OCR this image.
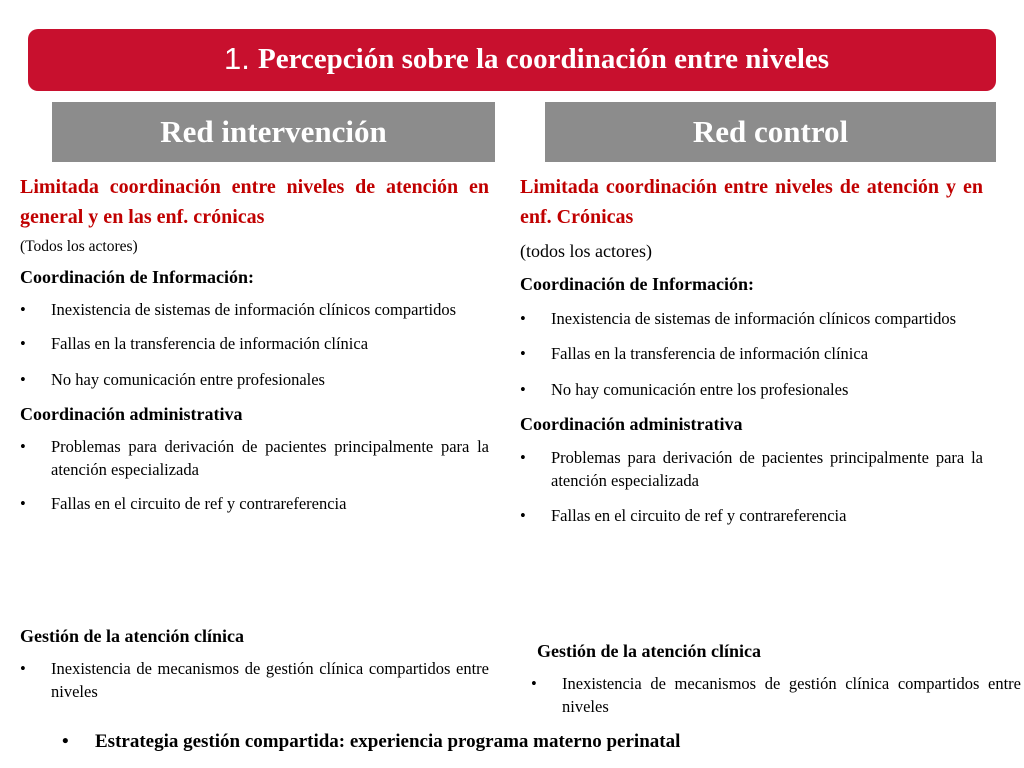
1. Percepción sobre la coordinación entre niveles
Red intervención	Red control
Limitada coordinación entre niveles de atención en general y en las enf. crónicas
(Todos los actores)
Coordinación de Información:
• Inexistencia de sistemas de información clínicos compartidos
• Fallas en la transferencia de información clínica
• No hay comunicación entre profesionales
Coordinación administrativa
• Problemas para derivación de pacientes principalmente para la atención especializada
• Fallas en el circuito de ref y contrareferencia
Gestión de la atención clínica
• Inexistencia de mecanismos de gestión clínica compartidos entre niveles
Limitada coordinación entre niveles de atención y en enf. Crónicas
(todos los actores)
Coordinación de Información:
• Inexistencia de sistemas de información clínicos compartidos
• Fallas en la transferencia de información clínica
• No hay comunicación entre los profesionales
Coordinación administrativa
• Problemas para derivación de pacientes principalmente para la atención especializada
• Fallas en el circuito de ref y contrareferencia
Gestión de la atención clínica
• Inexistencia de mecanismos de gestión clínica compartidos entre niveles
• Estrategia gestión compartida: experiencia programa materno perinatal
